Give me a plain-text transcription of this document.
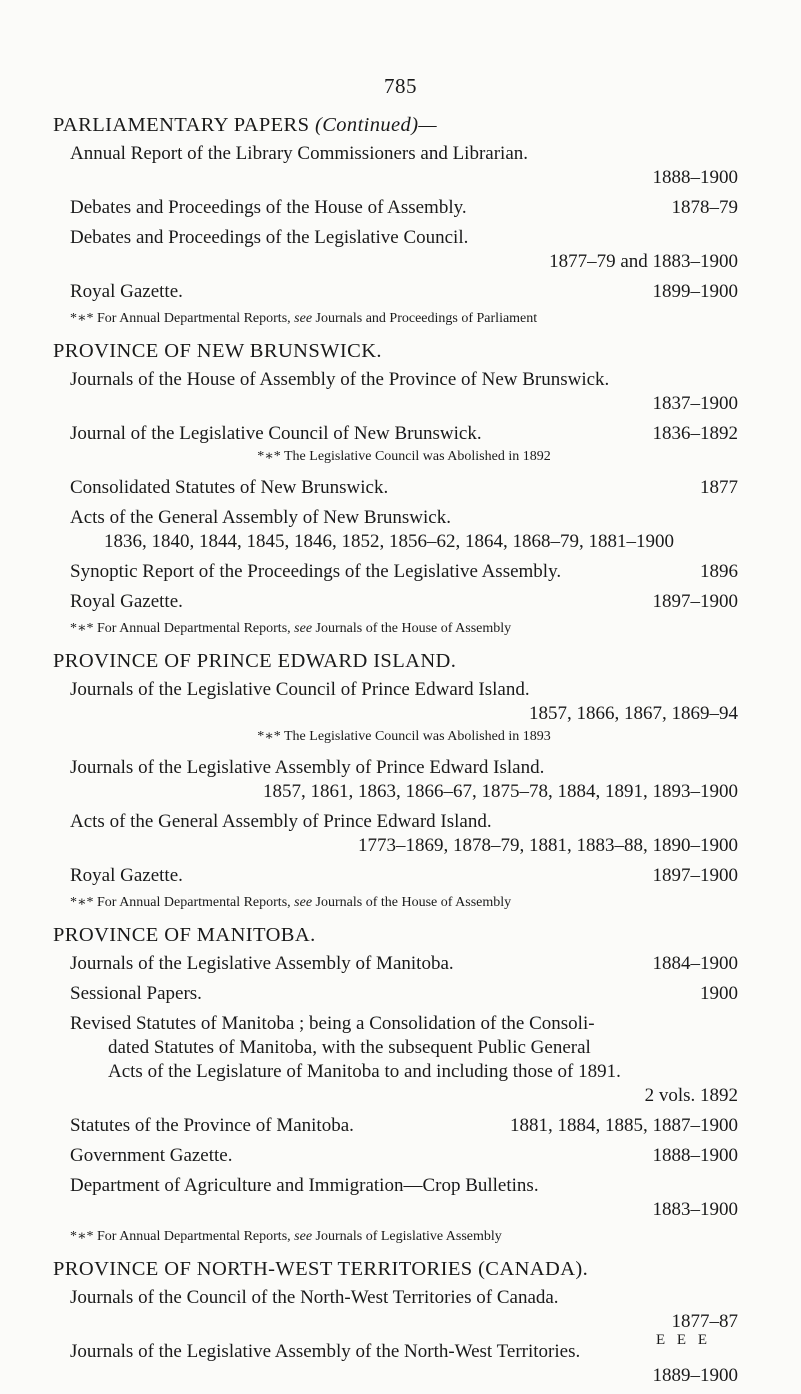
785
PARLIAMENTARY PAPERS (Continued)—
Annual Report of the Library Commissioners and Librarian.
1888–1900
Debates and Proceedings of the House of Assembly.	1878–79
Debates and Proceedings of the Legislative Council.
1877–79 and 1883–1900
Royal Gazette.	1899–1900
*∗* For Annual Departmental Reports, see Journals and Proceedings of Parliament
PROVINCE OF NEW BRUNSWICK.
Journals of the House of Assembly of the Province of New Brunswick.
1837–1900
Journal of the Legislative Council of New Brunswick.	1836–1892
*∗* The Legislative Council was Abolished in 1892
Consolidated Statutes of New Brunswick.	1877
Acts of the General Assembly of New Brunswick.
1836, 1840, 1844, 1845, 1846, 1852, 1856–62, 1864, 1868–79, 1881–1900
Synoptic Report of the Proceedings of the Legislative Assembly.	1896
Royal Gazette.	1897–1900
*∗* For Annual Departmental Reports, see Journals of the House of Assembly
PROVINCE OF PRINCE EDWARD ISLAND.
Journals of the Legislative Council of Prince Edward Island.
1857, 1866, 1867, 1869–94
*∗* The Legislative Council was Abolished in 1893
Journals of the Legislative Assembly of Prince Edward Island.
1857, 1861, 1863, 1866–67, 1875–78, 1884, 1891, 1893–1900
Acts of the General Assembly of Prince Edward Island.
1773–1869, 1878–79, 1881, 1883–88, 1890–1900
Royal Gazette.	1897–1900
*∗* For Annual Departmental Reports, see Journals of the House of Assembly
PROVINCE OF MANITOBA.
Journals of the Legislative Assembly of Manitoba.	1884–1900
Sessional Papers.	1900
Revised Statutes of Manitoba ; being a Consolidation of the Consoli-
dated Statutes of Manitoba, with the subsequent Public General
Acts of the Legislature of Manitoba to and including those of 1891.
2 vols. 1892
Statutes of the Province of Manitoba.	1881, 1884, 1885, 1887–1900
Government Gazette.	1888–1900
Department of Agriculture and Immigration—Crop Bulletins.
1883–1900
*∗* For Annual Departmental Reports, see Journals of Legislative Assembly
PROVINCE OF NORTH-WEST TERRITORIES (CANADA).
Journals of the Council of the North-West Territories of Canada.
1877–87
Journals of the Legislative Assembly of the North-West Territories.
1889–1900
E E E
